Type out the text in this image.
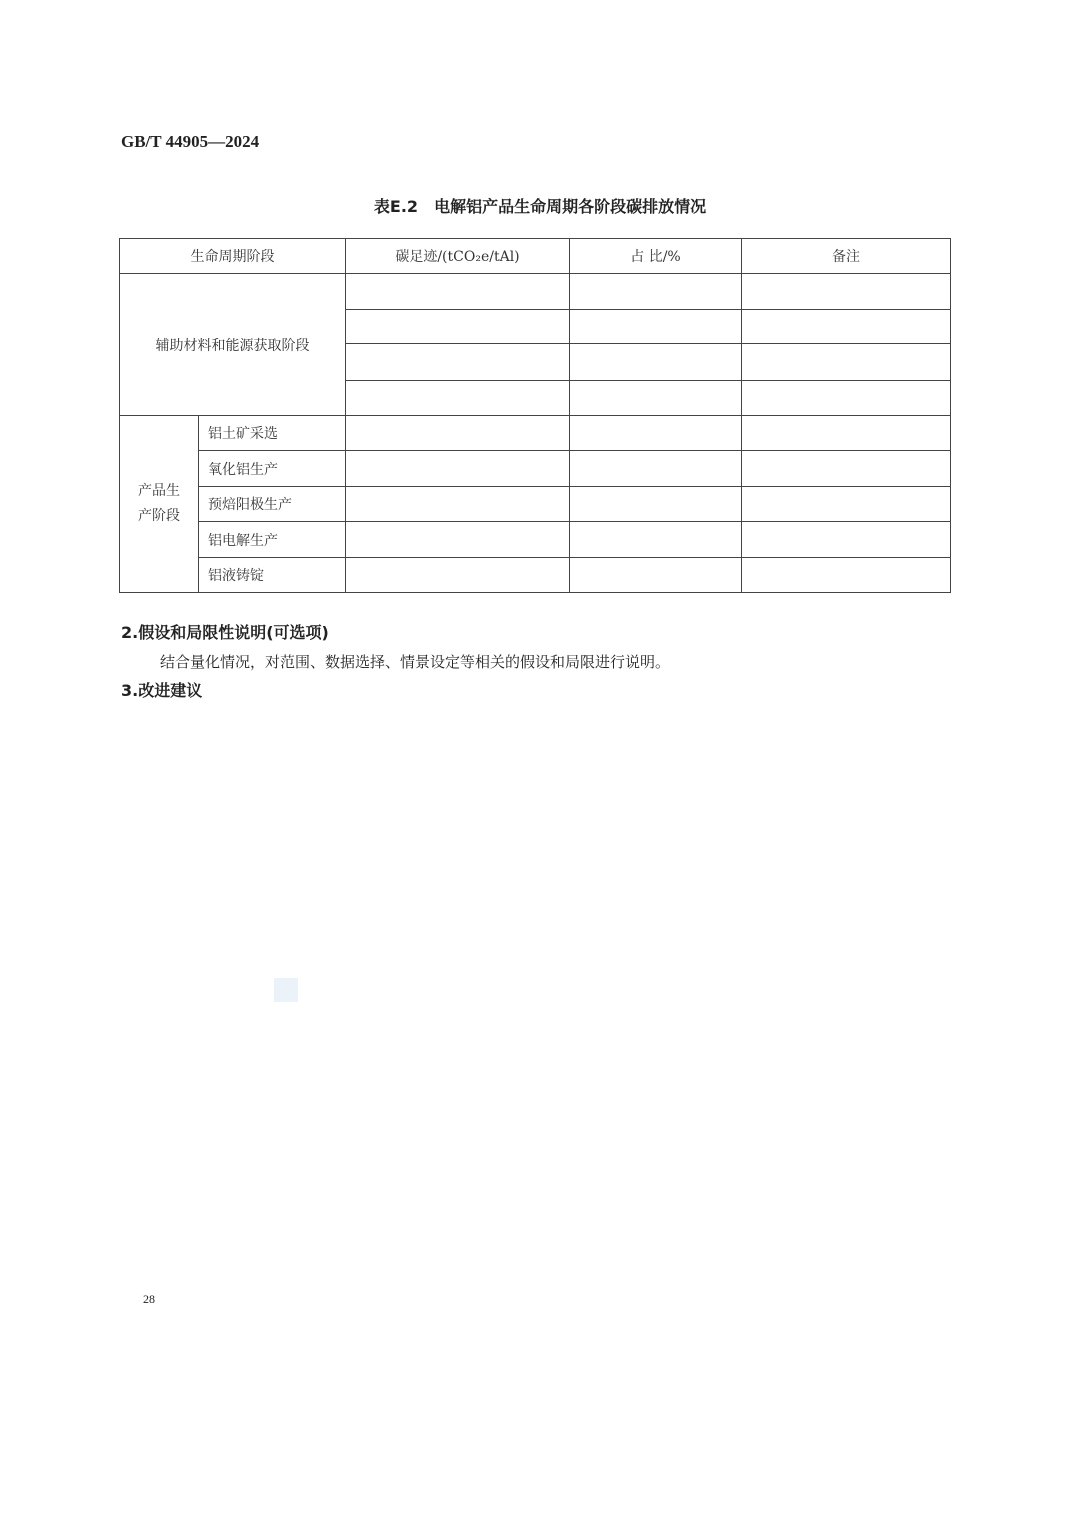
GB/T 44905—2024
表E.2　电解铝产品生命周期各阶段碳排放情况
生命周期阶段		碳足迹/(tCO₂e/tAl)	占 比/%	备注
辅助材料和能源获取阶段				

产品生产阶段	铝土矿采选			
	氧化铝生产			
	预焙阳极生产			
	铝电解生产			
	铝液铸锭			
2.假设和局限性说明(可选项)
结合量化情况，对范围、数据选择、情景设定等相关的假设和局限进行说明。
3.改进建议
28
